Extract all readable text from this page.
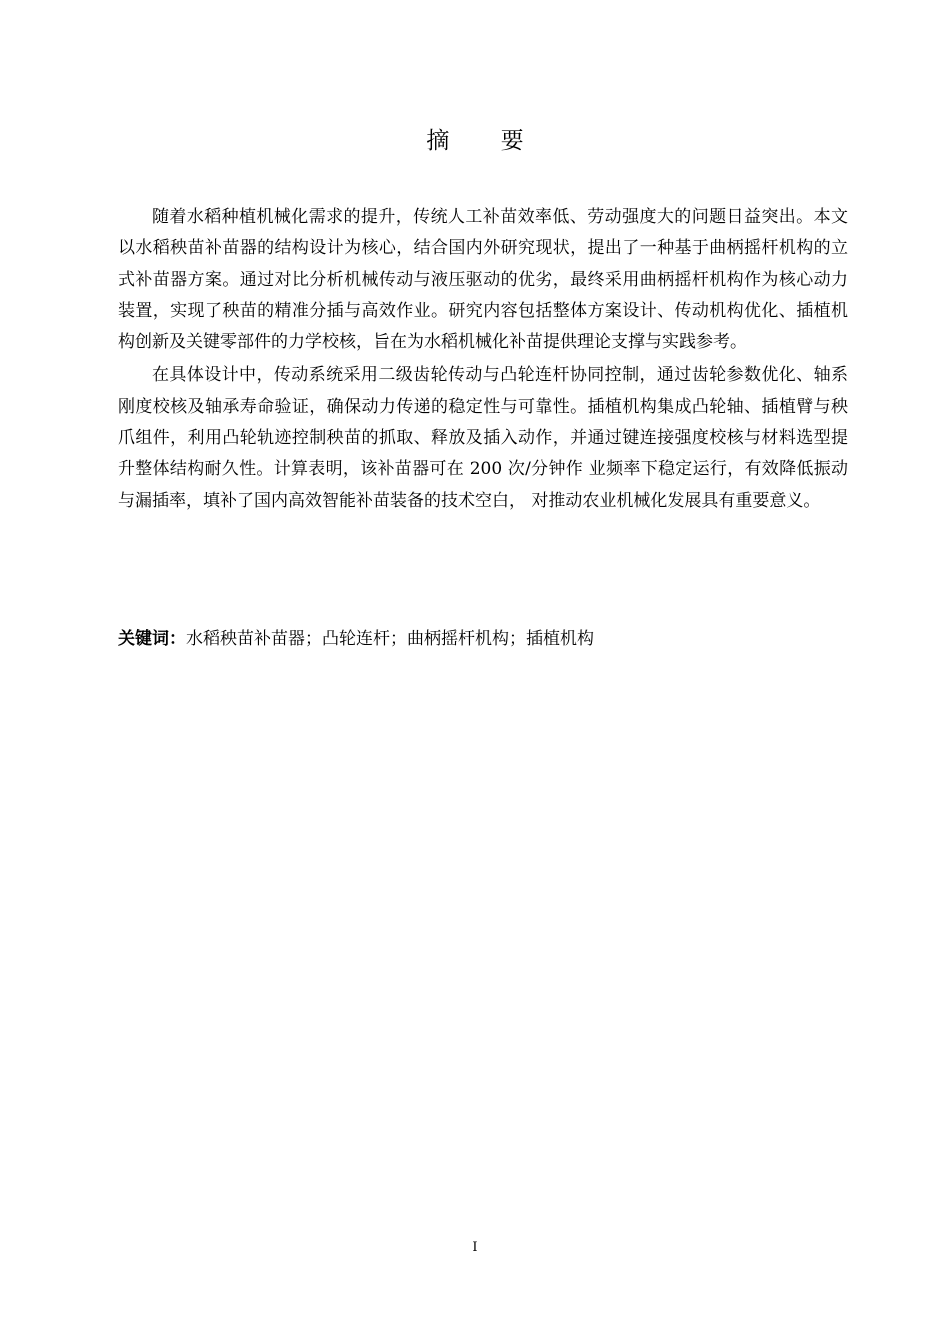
摘 要

随着水稻种植机械化需求的提升，传统人工补苗效率低、劳动强度大的问题日益突出。本文以水稻秧苗补苗器的结构设计为核心，结合国内外研究现状，提出了一种基于曲柄摇杆机构的立式补苗器方案。通过对比分析机械传动与液压驱动的优劣，最终采用曲柄摇杆机构作为核心动力装置，实现了秧苗的精准分插与高效作业。研究内容包括整体方案设计、传动机构优化、插植机构创新及关键零部件的力学校核，旨在为水稻机械化补苗提供理论支撑与实践参考。

在具体设计中，传动系统采用二级齿轮传动与凸轮连杆协同控制，通过齿轮参数优化、轴系刚度校核及轴承寿命验证，确保动力传递的稳定性与可靠性。插植机构集成凸轮轴、插植臂与秧爪组件，利用凸轮轨迹控制秧苗的抓取、释放及插入动作，并通过键连接强度校核与材料选型提升整体结构耐久性。计算表明，该补苗器可在 200 次/分钟作 业频率下稳定运行，有效降低振动与漏插率，填补了国内高效智能补苗装备的技术空白， 对推动农业机械化发展具有重要意义。

关键词：水稻秧苗补苗器；凸轮连杆；曲柄摇杆机构；插植机构
I
